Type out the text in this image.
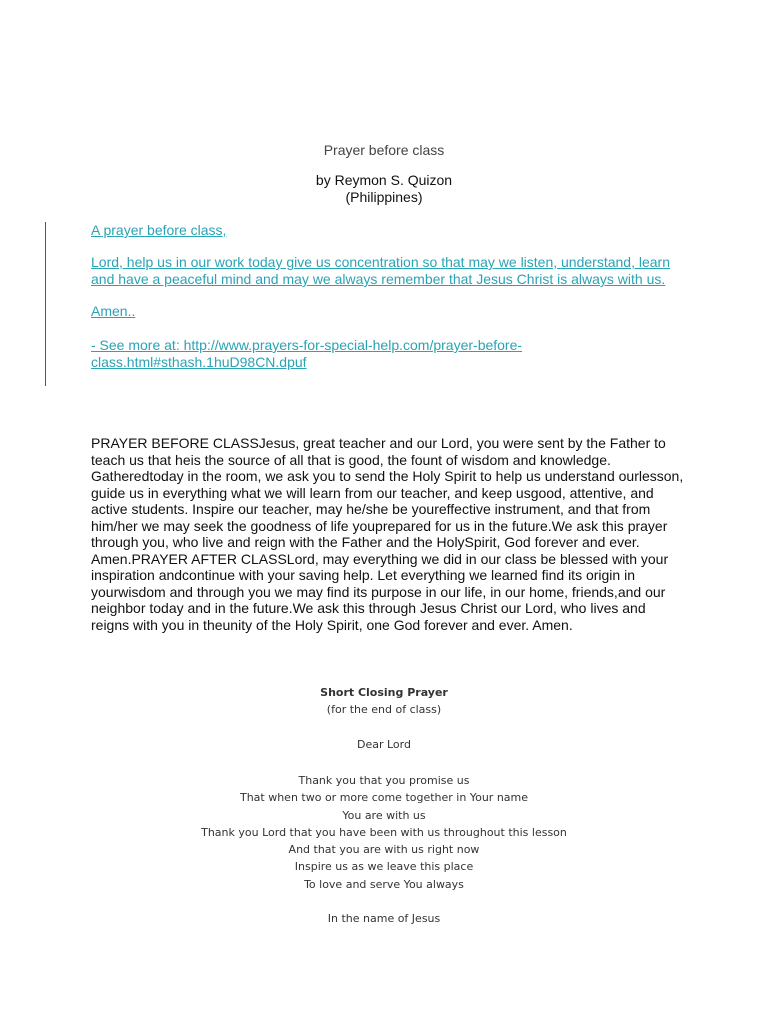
Prayer before class
by Reymon S. Quizon
(Philippines)
A prayer before class,
Lord, help us in our work today give us concentration so that may we listen, understand, learn and have a peaceful mind and may we always remember that Jesus Christ is always with us.
Amen..
- See more at: http://www.prayers-for-special-help.com/prayer-before-class.html#sthash.1huD98CN.dpuf
PRAYER BEFORE CLASSJesus, great teacher and our Lord, you were sent by the Father to
teach us that heis the source of all that is good, the fount of wisdom and knowledge.
Gatheredtoday in the room, we ask you to send the Holy Spirit to help us understand ourlesson,
guide us in everything what we will learn from our teacher, and keep usgood, attentive, and
active students. Inspire our teacher, may he/she be youreffective instrument, and that from
him/her we may seek the goodness of life youprepared for us in the future.We ask this prayer
through you, who live and reign with the Father and the HolySpirit, God forever and ever.
Amen.PRAYER AFTER CLASSLord, may everything we did in our class be blessed with your
inspiration andcontinue with your saving help. Let everything we learned find its origin in
yourwisdom and through you we may find its purpose in our life, in our home, friends,and our
neighbor today and in the future.We ask this through Jesus Christ our Lord, who lives and
reigns with you in theunity of the Holy Spirit, one God forever and ever. Amen.
Short Closing Prayer
(for the end of class)
Dear Lord
Thank you that you promise us
That when two or more come together in Your name
You are with us
Thank you Lord that you have been with us throughout this lesson
And that you are with us right now
Inspire us as we leave this place
To love and serve You always
In the name of Jesus
